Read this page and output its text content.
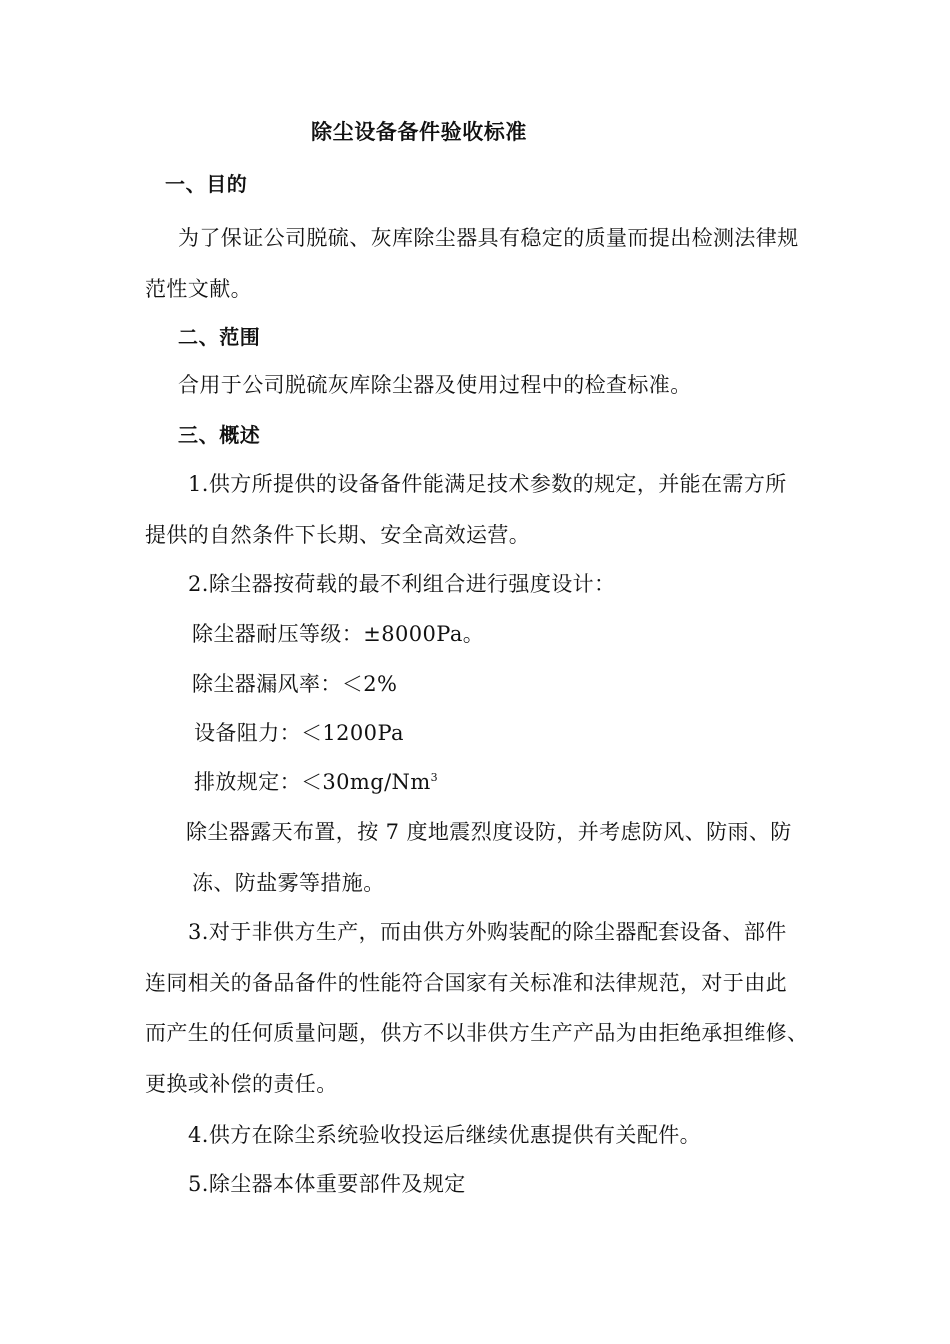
除尘设备备件验收标准
一、目的
为了保证公司脱硫、灰库除尘器具有稳定的质量而提出检测法律规
范性文献。
二、范围
合用于公司脱硫灰库除尘器及使用过程中的检查标准。
三、概述
1.供方所提供的设备备件能满足技术参数的规定，并能在需方所
提供的自然条件下长期、安全高效运营。
2.除尘器按荷载的最不利组合进行强度设计：
除尘器耐压等级：±8000Pa。
除尘器漏风率：＜2%
设备阻力：＜1200Pa
排放规定：$<30mg/Nm^3$
除尘器露天布置，按 7 度地震烈度设防，并考虑防风、防雨、防
冻、防盐雾等措施。
3.对于非供方生产，而由供方外购装配的除尘器配套设备、部件
连同相关的备品备件的性能符合国家有关标准和法律规范，对于由此
而产生的任何质量问题，供方不以非供方生产产品为由拒绝承担维修、
更换或补偿的责任。
4.供方在除尘系统验收投运后继续优惠提供有关配件。
5.除尘器本体重要部件及规定
